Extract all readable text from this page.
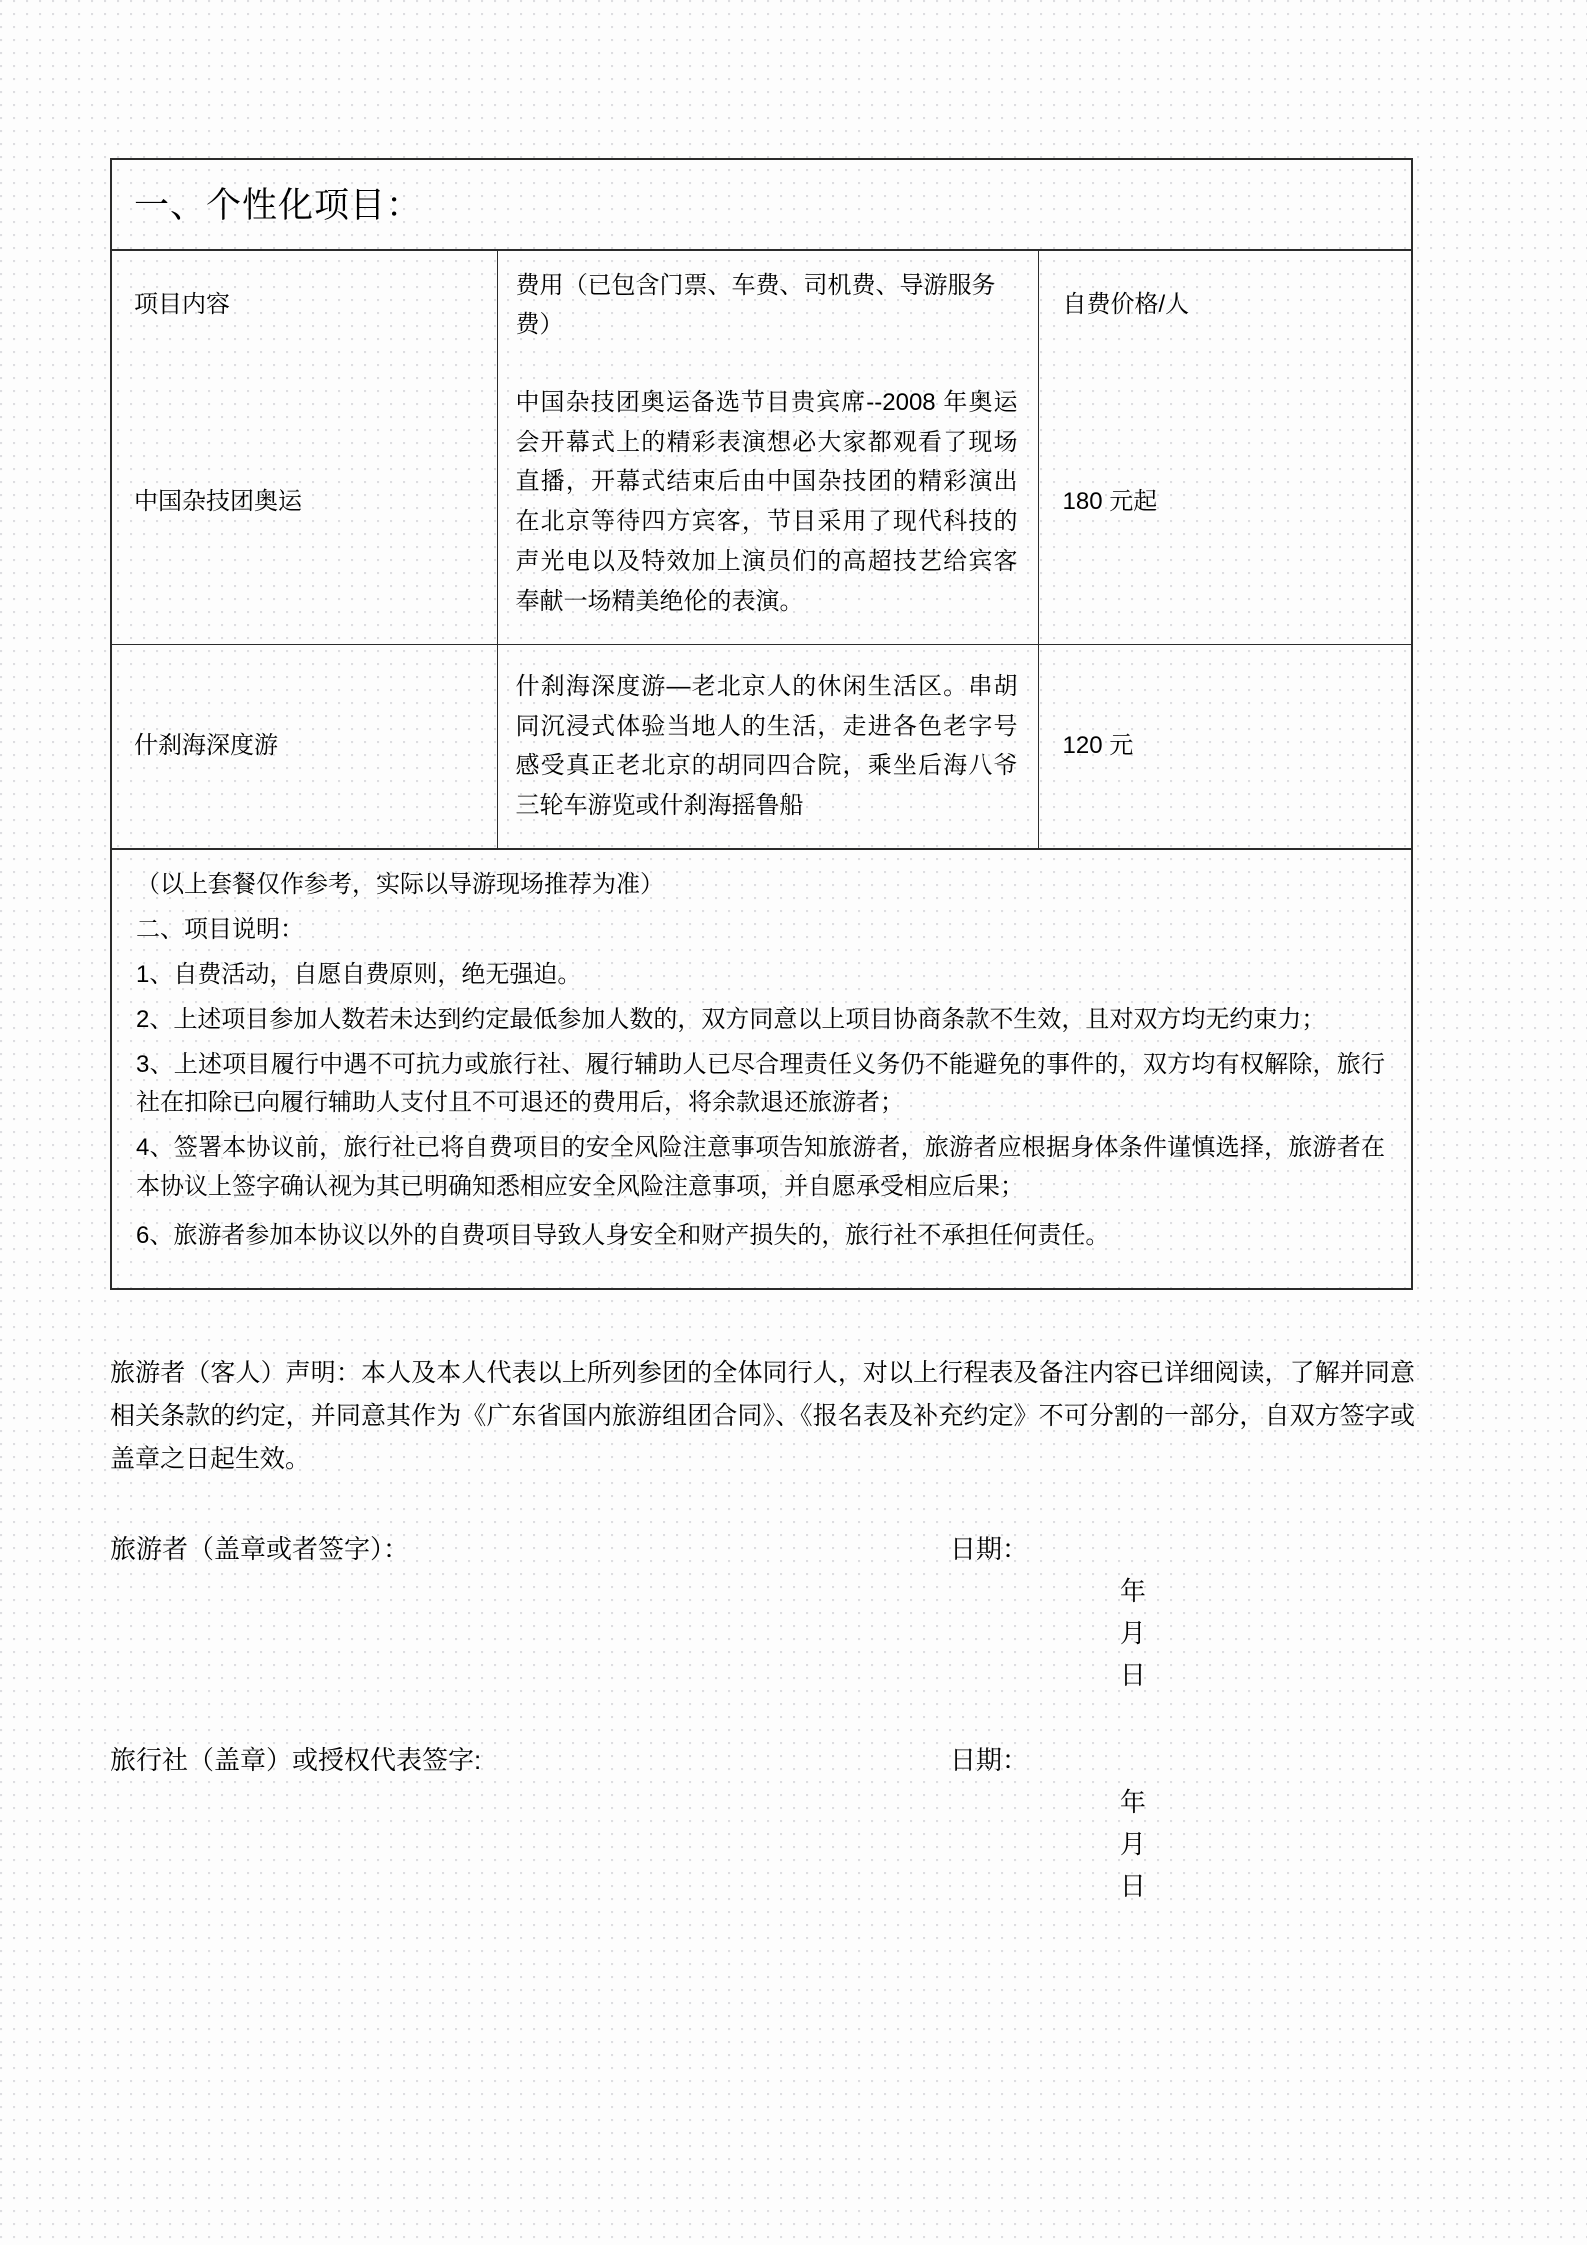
一、个性化项目：
项目内容	费用（已包含门票、车费、司机费、导游服务费）	自费价格/人
中国杂技团奥运	中国杂技团奥运备选节目贵宾席--2008 年奥运会开幕式上的精彩表演想必大家都观看了现场直播，开幕式结束后由中国杂技团的精彩演出在北京等待四方宾客，节目采用了现代科技的声光电以及特效加上演员们的高超技艺给宾客奉献一场精美绝伦的表演。	180 元起
什刹海深度游	什刹海深度游—老北京人的休闲生活区。串胡同沉浸式体验当地人的生活，走进各色老字号感受真正老北京的胡同四合院，乘坐后海八爷三轮车游览或什刹海摇鲁船	120 元

（以上套餐仅作参考，实际以导游现场推荐为准）

二、项目说明：

1、自费活动，自愿自费原则，绝无强迫。

2、上述项目参加人数若未达到约定最低参加人数的，双方同意以上项目协商条款不生效，且对双方均无约束力；

3、上述项目履行中遇不可抗力或旅行社、履行辅助人已尽合理责任义务仍不能避免的事件的，双方均有权解除，旅行社在扣除已向履行辅助人支付且不可退还的费用后，将余款退还旅游者；

4、签署本协议前，旅行社已将自费项目的安全风险注意事项告知旅游者，旅游者应根据身体条件谨慎选择，旅游者在本协议上签字确认视为其已明确知悉相应安全风险注意事项，并自愿承受相应后果；

6、旅游者参加本协议以外的自费项目导致人身安全和财产损失的，旅行社不承担任何责任。

旅游者（客人）声明：本人及本人代表以上所列参团的全体同行人，对以上行程表及备注内容已详细阅读，了解并同意相关条款的约定，并同意其作为《广东省国内旅游组团合同》、《报名表及补充约定》不可分割的一部分，自双方签字或盖章之日起生效。
旅游者（盖章或者签字）：	日期：

年
月
日

旅行社（盖章）或授权代表签字:	日期：

年
月
日
